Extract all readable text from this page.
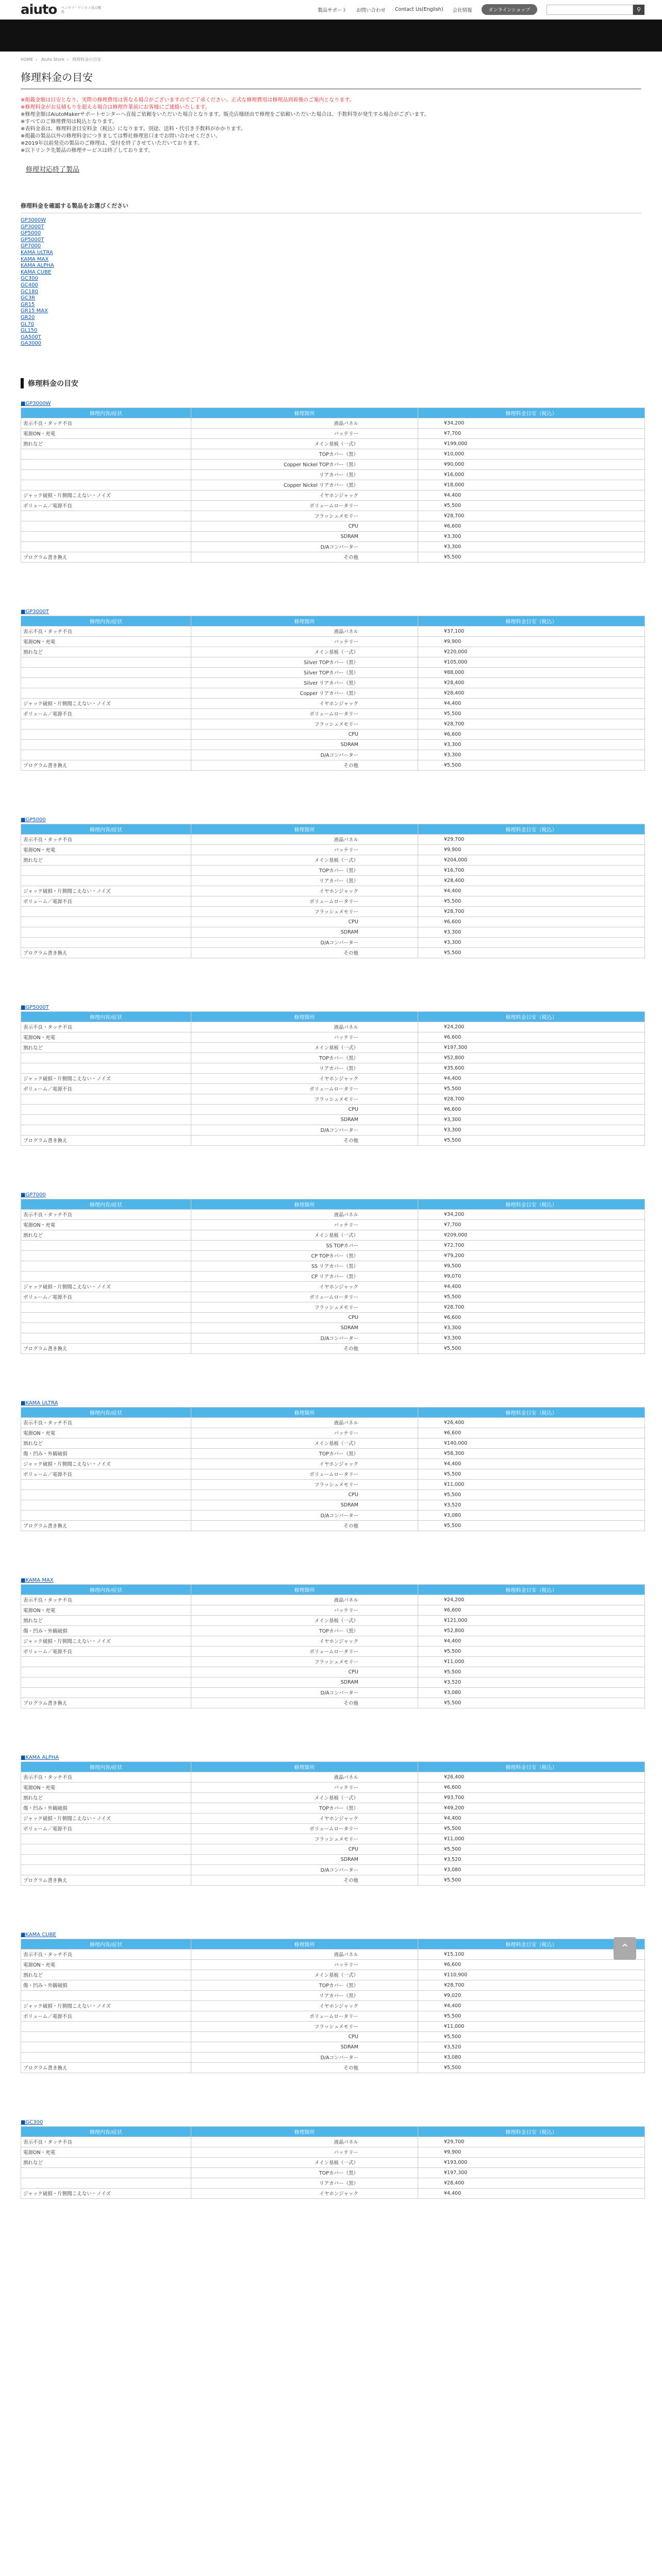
aiuto ペンタブ・デジカメ周辺機器	製品サポート お問い合わせ Contact Us(English) 会社情報	オンラインショップ	⚲
HOME › Aiuto Store › 修理料金の目安
修理料金の目安
※掲載金額は目安となり、実際の修理費用は異なる場合がございますのでご了承ください。正式な修理費用は修理品到着後のご案内となります。
※修理料金がお見積もりを超える場合は修理作業前にお客様にご連絡いたします。
※修理金額はAiutoMakerサポートセンターへ直接ご依頼をいただいた場合となります。販売店様経由で修理をご依頼いただいた場合は、手数料等が発生する場合がございます。
※すべてのご修理費用は税込となります。
※表料金表は、修理料金目安料金（税込）になります。別途、送料・代引き手数料がかかります。
※掲載の製品以外の修理料金につきましては弊社修理窓口までお問い合わせください。
※2019年以前発売の製品のご修理は、受付を終了させていただいております。
※以下リンク先製品の修理サービスは終了しております。
修理対応終了製品
修理料金を確認する製品をお選びください
GP3000W
GP3000T
GP5000
GP5000T
GP7000
KAMA ULTRA
KAMA MAX
KAMA ALPHA
KAMA CUBE
GC300
GC400
GC180
GC3R
GR15
GR15 MAX
GR20
GL70
GL150
GA500T
GA3000
修理料金の目安
■GP3000W
修理内容/症状	修理箇所	修理料金目安（税込）
表示不良・タッチ不良	液晶パネル	¥34,200
電源ON・充電	バッテリー	¥7,700
割れなど	メイン基板（一式）	¥199,000
	TOPカバー（黒）	¥10,000
	Copper Nickel TOPカバー（黒）	¥90,000
	リアカバー（黒）	¥16,000
	Copper Nickel リアカバー（黒）	¥18,000
ジャック破損・片側聞こえない・ノイズ	イヤホンジャック	¥4,400
ボリューム／電源不良	ボリュームロータリー	¥5,500
	フラッシュメモリー	¥28,700
	CPU	¥6,600
	SDRAM	¥3,300
	D/Aコンバーター	¥3,300
プログラム書き換え	その他	¥5,500
■GP3000T
修理内容/症状	修理箇所	修理料金目安（税込）
表示不良・タッチ不良	液晶パネル	¥37,100
電源ON・充電	バッテリー	¥9,900
割れなど	メイン基板（一式）	¥220,000
	Silver TOPカバー（黒）	¥105,000
	Silver TOPカバー（黒）	¥88,000
	Silver リアカバー（黒）	¥28,400
	Copper リアカバー（黒）	¥28,400
ジャック破損・片側聞こえない・ノイズ	イヤホンジャック	¥4,400
ボリューム／電源不良	ボリュームロータリー	¥5,500
	フラッシュメモリー	¥28,700
	CPU	¥6,600
	SDRAM	¥3,300
	D/Aコンバーター	¥3,300
プログラム書き換え	その他	¥5,500
■GP5000
修理内容/症状	修理箇所	修理料金目安（税込）
表示不良・タッチ不良	液晶パネル	¥29,700
電源ON・充電	バッテリー	¥9,900
割れなど	メイン基板（一式）	¥204,000
	TOPカバー（黒）	¥16,700
	リアカバー（黒）	¥28,400
ジャック破損・片側聞こえない・ノイズ	イヤホンジャック	¥4,400
ボリューム／電源不良	ボリュームロータリー	¥5,500
	フラッシュメモリー	¥28,700
	CPU	¥6,600
	SDRAM	¥3,300
	D/Aコンバーター	¥3,300
プログラム書き換え	その他	¥5,500
■GP5000T
修理内容/症状	修理箇所	修理料金目安（税込）
表示不良・タッチ不良	液晶パネル	¥24,200
電源ON・充電	バッテリー	¥6,600
割れなど	メイン基板（一式）	¥197,300
	TOPカバー（黒）	¥52,800
	リアカバー（黒）	¥35,600
ジャック破損・片側聞こえない・ノイズ	イヤホンジャック	¥4,400
ボリューム／電源不良	ボリュームロータリー	¥5,500
	フラッシュメモリー	¥28,700
	CPU	¥6,600
	SDRAM	¥3,300
	D/Aコンバーター	¥3,300
プログラム書き換え	その他	¥5,500
■GP7000
修理内容/症状	修理箇所	修理料金目安（税込）
表示不良・タッチ不良	液晶パネル	¥34,200
電源ON・充電	バッテリー	¥7,700
割れなど	メイン基板（一式）	¥209,000
	SS TOPカバー	¥72,700
	CP TOPカバー（黒）	¥79,200
	SS リアカバー（黒）	¥9,500
	CP リアカバー（黒）	¥9,070
ジャック破損・片側聞こえない・ノイズ	イヤホンジャック	¥4,400
ボリューム／電源不良	ボリュームロータリー	¥5,500
	フラッシュメモリー	¥28,700
	CPU	¥6,600
	SDRAM	¥3,300
	D/Aコンバーター	¥3,300
プログラム書き換え	その他	¥5,500
■KAMA ULTRA
修理内容/症状	修理箇所	修理料金目安（税込）
表示不良・タッチ不良	液晶パネル	¥26,400
電源ON・充電	バッテリー	¥6,600
割れなど	メイン基板（一式）	¥140,000
傷・凹み・外観破損	TOPカバー（黒）	¥58,300
ジャック破損・片側聞こえない・ノイズ	イヤホンジャック	¥4,400
ボリューム／電源不良	ボリュームロータリー	¥5,500
	フラッシュメモリー	¥11,000
	CPU	¥5,500
	SDRAM	¥3,520
	D/Aコンバーター	¥3,080
プログラム書き換え	その他	¥5,500
■KAMA MAX
修理内容/症状	修理箇所	修理料金目安（税込）
表示不良・タッチ不良	液晶パネル	¥24,200
電源ON・充電	バッテリー	¥6,600
割れなど	メイン基板（一式）	¥121,000
傷・凹み・外観破損	TOPカバー（黒）	¥52,800
ジャック破損・片側聞こえない・ノイズ	イヤホンジャック	¥4,400
ボリューム／電源不良	ボリュームロータリー	¥5,500
	フラッシュメモリー	¥11,000
	CPU	¥5,500
	SDRAM	¥3,520
	D/Aコンバーター	¥3,080
プログラム書き換え	その他	¥5,500
■KAMA ALPHA
修理内容/症状	修理箇所	修理料金目安（税込）
表示不良・タッチ不良	液晶パネル	¥26,400
電源ON・充電	バッテリー	¥6,600
割れなど	メイン基板（一式）	¥93,700
傷・凹み・外観破損	TOPカバー（黒）	¥49,200
ジャック破損・片側聞こえない・ノイズ	イヤホンジャック	¥4,400
ボリューム／電源不良	ボリュームロータリー	¥5,500
	フラッシュメモリー	¥11,000
	CPU	¥5,500
	SDRAM	¥3,520
	D/Aコンバーター	¥3,080
プログラム書き換え	その他	¥5,500
■KAMA CUBE
修理内容/症状	修理箇所	修理料金目安（税込）
表示不良・タッチ不良	液晶パネル	¥15,100
電源ON・充電	バッテリー	¥6,600
割れなど	メイン基板（一式）	¥110,900
傷・凹み・外観破損	TOPカバー（黒）	¥28,700
	リアカバー（黒）	¥9,020
ジャック破損・片側聞こえない・ノイズ	イヤホンジャック	¥4,400
ボリューム／電源不良	ボリュームロータリー	¥5,500
	フラッシュメモリー	¥11,000
	CPU	¥5,500
	SDRAM	¥3,520
	D/Aコンバーター	¥3,080
プログラム書き換え	その他	¥5,500
■GC300
修理内容/症状	修理箇所	修理料金目安（税込）
表示不良・タッチ不良	液晶パネル	¥29,700
電源ON・充電	バッテリー	¥9,900
割れなど	メイン基板（一式）	¥193,000
	TOPカバー（黒）	¥197,300
	リアカバー（黒）	¥28,400
ジャック破損・片側聞こえない・ノイズ	イヤホンジャック	¥4,400
⌃
